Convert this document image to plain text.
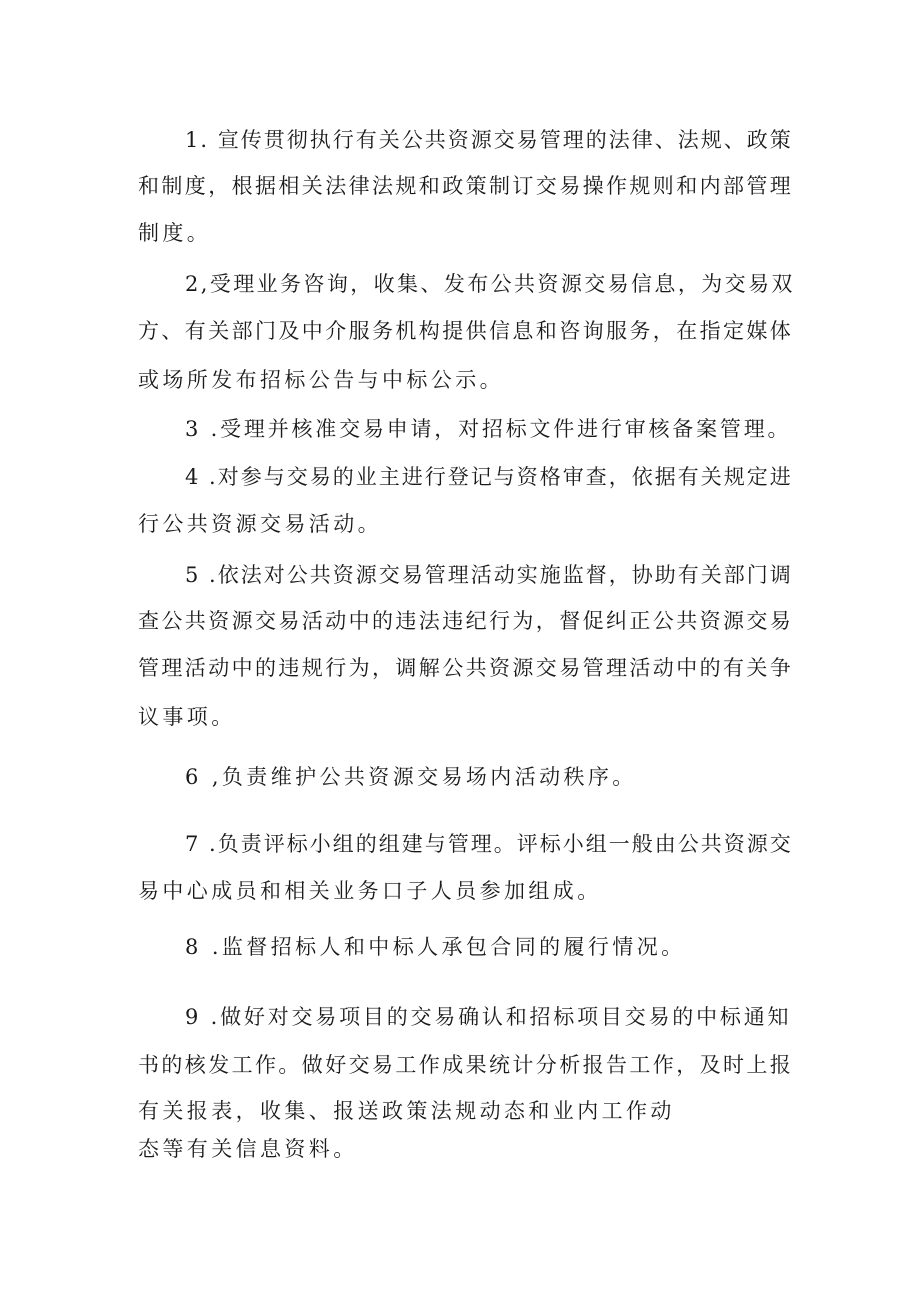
1. 宣传贯彻执行有关公共资源交易管理的法律、法规、政策
和制度，根据相关法律法规和政策制订交易操作规则和内部管理
制度。
2,受理业务咨询，收集、发布公共资源交易信息，为交易双
方、有关部门及中介服务机构提供信息和咨询服务，在指定媒体
或场所发布招标公告与中标公示。
3 .受理并核准交易申请，对招标文件进行审核备案管理。
4 .对参与交易的业主进行登记与资格审查，依据有关规定进
行公共资源交易活动。
5 .依法对公共资源交易管理活动实施监督，协助有关部门调
查公共资源交易活动中的违法违纪行为，督促纠正公共资源交易
管理活动中的违规行为，调解公共资源交易管理活动中的有关争
议事项。
6 ,负责维护公共资源交易场内活动秩序。
7 .负责评标小组的组建与管理。评标小组一般由公共资源交
易中心成员和相关业务口子人员参加组成。
8 .监督招标人和中标人承包合同的履行情况。
9 .做好对交易项目的交易确认和招标项目交易的中标通知
书的核发工作。做好交易工作成果统计分析报告工作，及时上报
有关报表，收集、报送政策法规动态和业内工作动
态等有关信息资料。
